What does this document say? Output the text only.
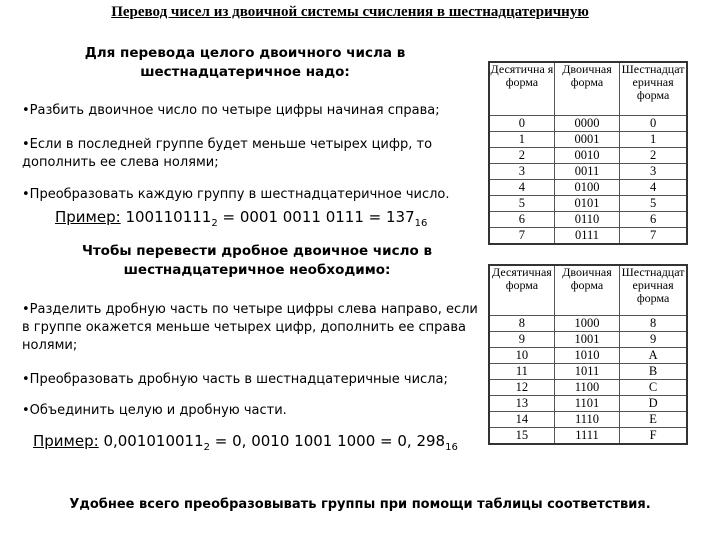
Перевод чисел из двоичной системы счисления в шестнадцатеричную
Для перевода целого двоичного числа в шестнадцатеричное надо:
•Разбить двоичное число по четыре цифры начиная справа;
•Если в последней группе будет меньше четырех цифр, то дополнить ее слева нолями;
•Преобразовать каждую группу в шестнадцатеричное число.
Пример: $100110111_2 = 0001$ 0011 $0111 = 137_{16}$
Чтобы перевести дробное двоичное число в шестнадцатеричное необходимо:
•Разделить дробную часть по четыре цифры слева направо, если в группе окажется меньше четырех цифр, дополнить ее справа нолями;
•Преобразовать дробную часть в шестнадцатеричные числа;
•Объединить целую и дробную части.
Пример: $0,001010011_2 = 0$, 0010 1001 1000 = 0, $298_{16}$
Десятична я форма	Двоичная форма	Шестнадцат еричная форма
0	0000	0
1	0001	1
2	0010	2
3	0011	3
4	0100	4
5	0101	5
6	0110	6
7	0111	7
Десятичная форма	Двоичная форма	Шестнадцат еричная форма
8	1000	8
9	1001	9
10	1010	A
11	1011	B
12	1100	C
13	1101	D
14	1110	E
15	1111	F
Удобнее всего преобразовывать группы при помощи таблицы соответствия.
